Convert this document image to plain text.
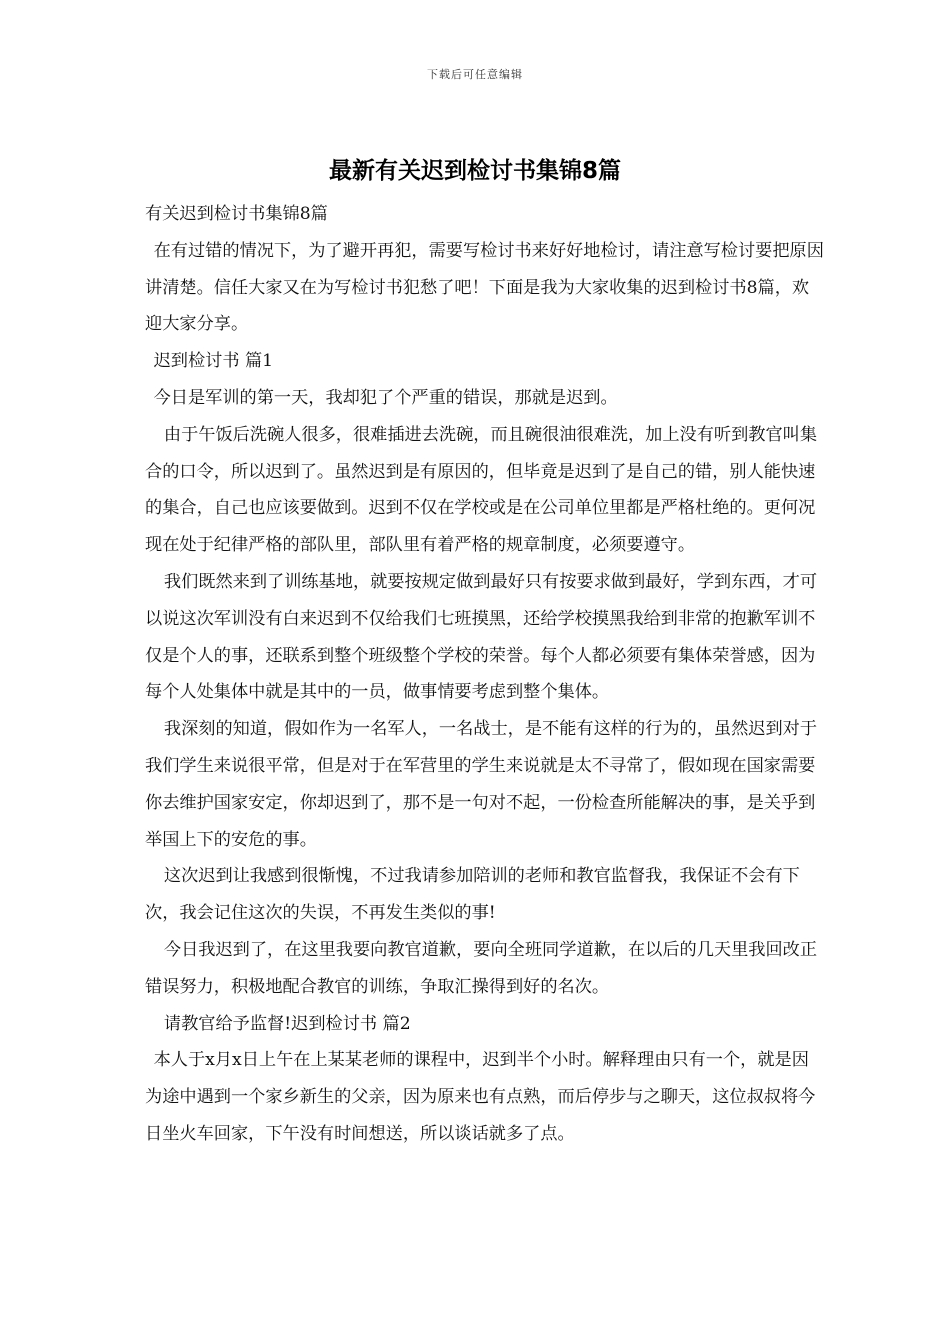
下载后可任意编辑
最新有关迟到检讨书集锦8篇

有关迟到检讨书集锦8篇

在有过错的情况下，为了避开再犯，需要写检讨书来好好地检讨，请注意写检讨要把原因讲清楚。信任大家又在为写检讨书犯愁了吧！下面是我为大家收集的迟到检讨书8篇，欢迎大家分享。

迟到检讨书 篇1

今日是军训的第一天，我却犯了个严重的错误，那就是迟到。

由于午饭后洗碗人很多，很难插进去洗碗，而且碗很油很难洗，加上没有听到教官叫集合的口令，所以迟到了。虽然迟到是有原因的，但毕竟是迟到了是自己的错，别人能快速的集合，自己也应该要做到。迟到不仅在学校或是在公司单位里都是严格杜绝的。更何况现在处于纪律严格的部队里，部队里有着严格的规章制度，必须要遵守。

我们既然来到了训练基地，就要按规定做到最好只有按要求做到最好，学到东西，才可以说这次军训没有白来迟到不仅给我们七班摸黑，还给学校摸黑我给到非常的抱歉军训不仅是个人的事，还联系到整个班级整个学校的荣誉。每个人都必须要有集体荣誉感，因为每个人处集体中就是其中的一员，做事情要考虑到整个集体。

我深刻的知道，假如作为一名军人，一名战士，是不能有这样的行为的，虽然迟到对于我们学生来说很平常，但是对于在军营里的学生来说就是太不寻常了，假如现在国家需要你去维护国家安定，你却迟到了，那不是一句对不起，一份检查所能解决的事，是关乎到举国上下的安危的事。

这次迟到让我感到很惭愧，不过我请参加陪训的老师和教官监督我，我保证不会有下次，我会记住这次的失误，不再发生类似的事!

今日我迟到了，在这里我要向教官道歉，要向全班同学道歉，在以后的几天里我回改正错误努力，积极地配合教官的训练，争取汇操得到好的名次。

请教官给予监督!迟到检讨书 篇2

本人于x月x日上午在上某某老师的课程中，迟到半个小时。解释理由只有一个，就是因为途中遇到一个家乡新生的父亲，因为原来也有点熟，而后停步与之聊天，这位叔叔将今日坐火车回家，下午没有时间想送，所以谈话就多了点。
